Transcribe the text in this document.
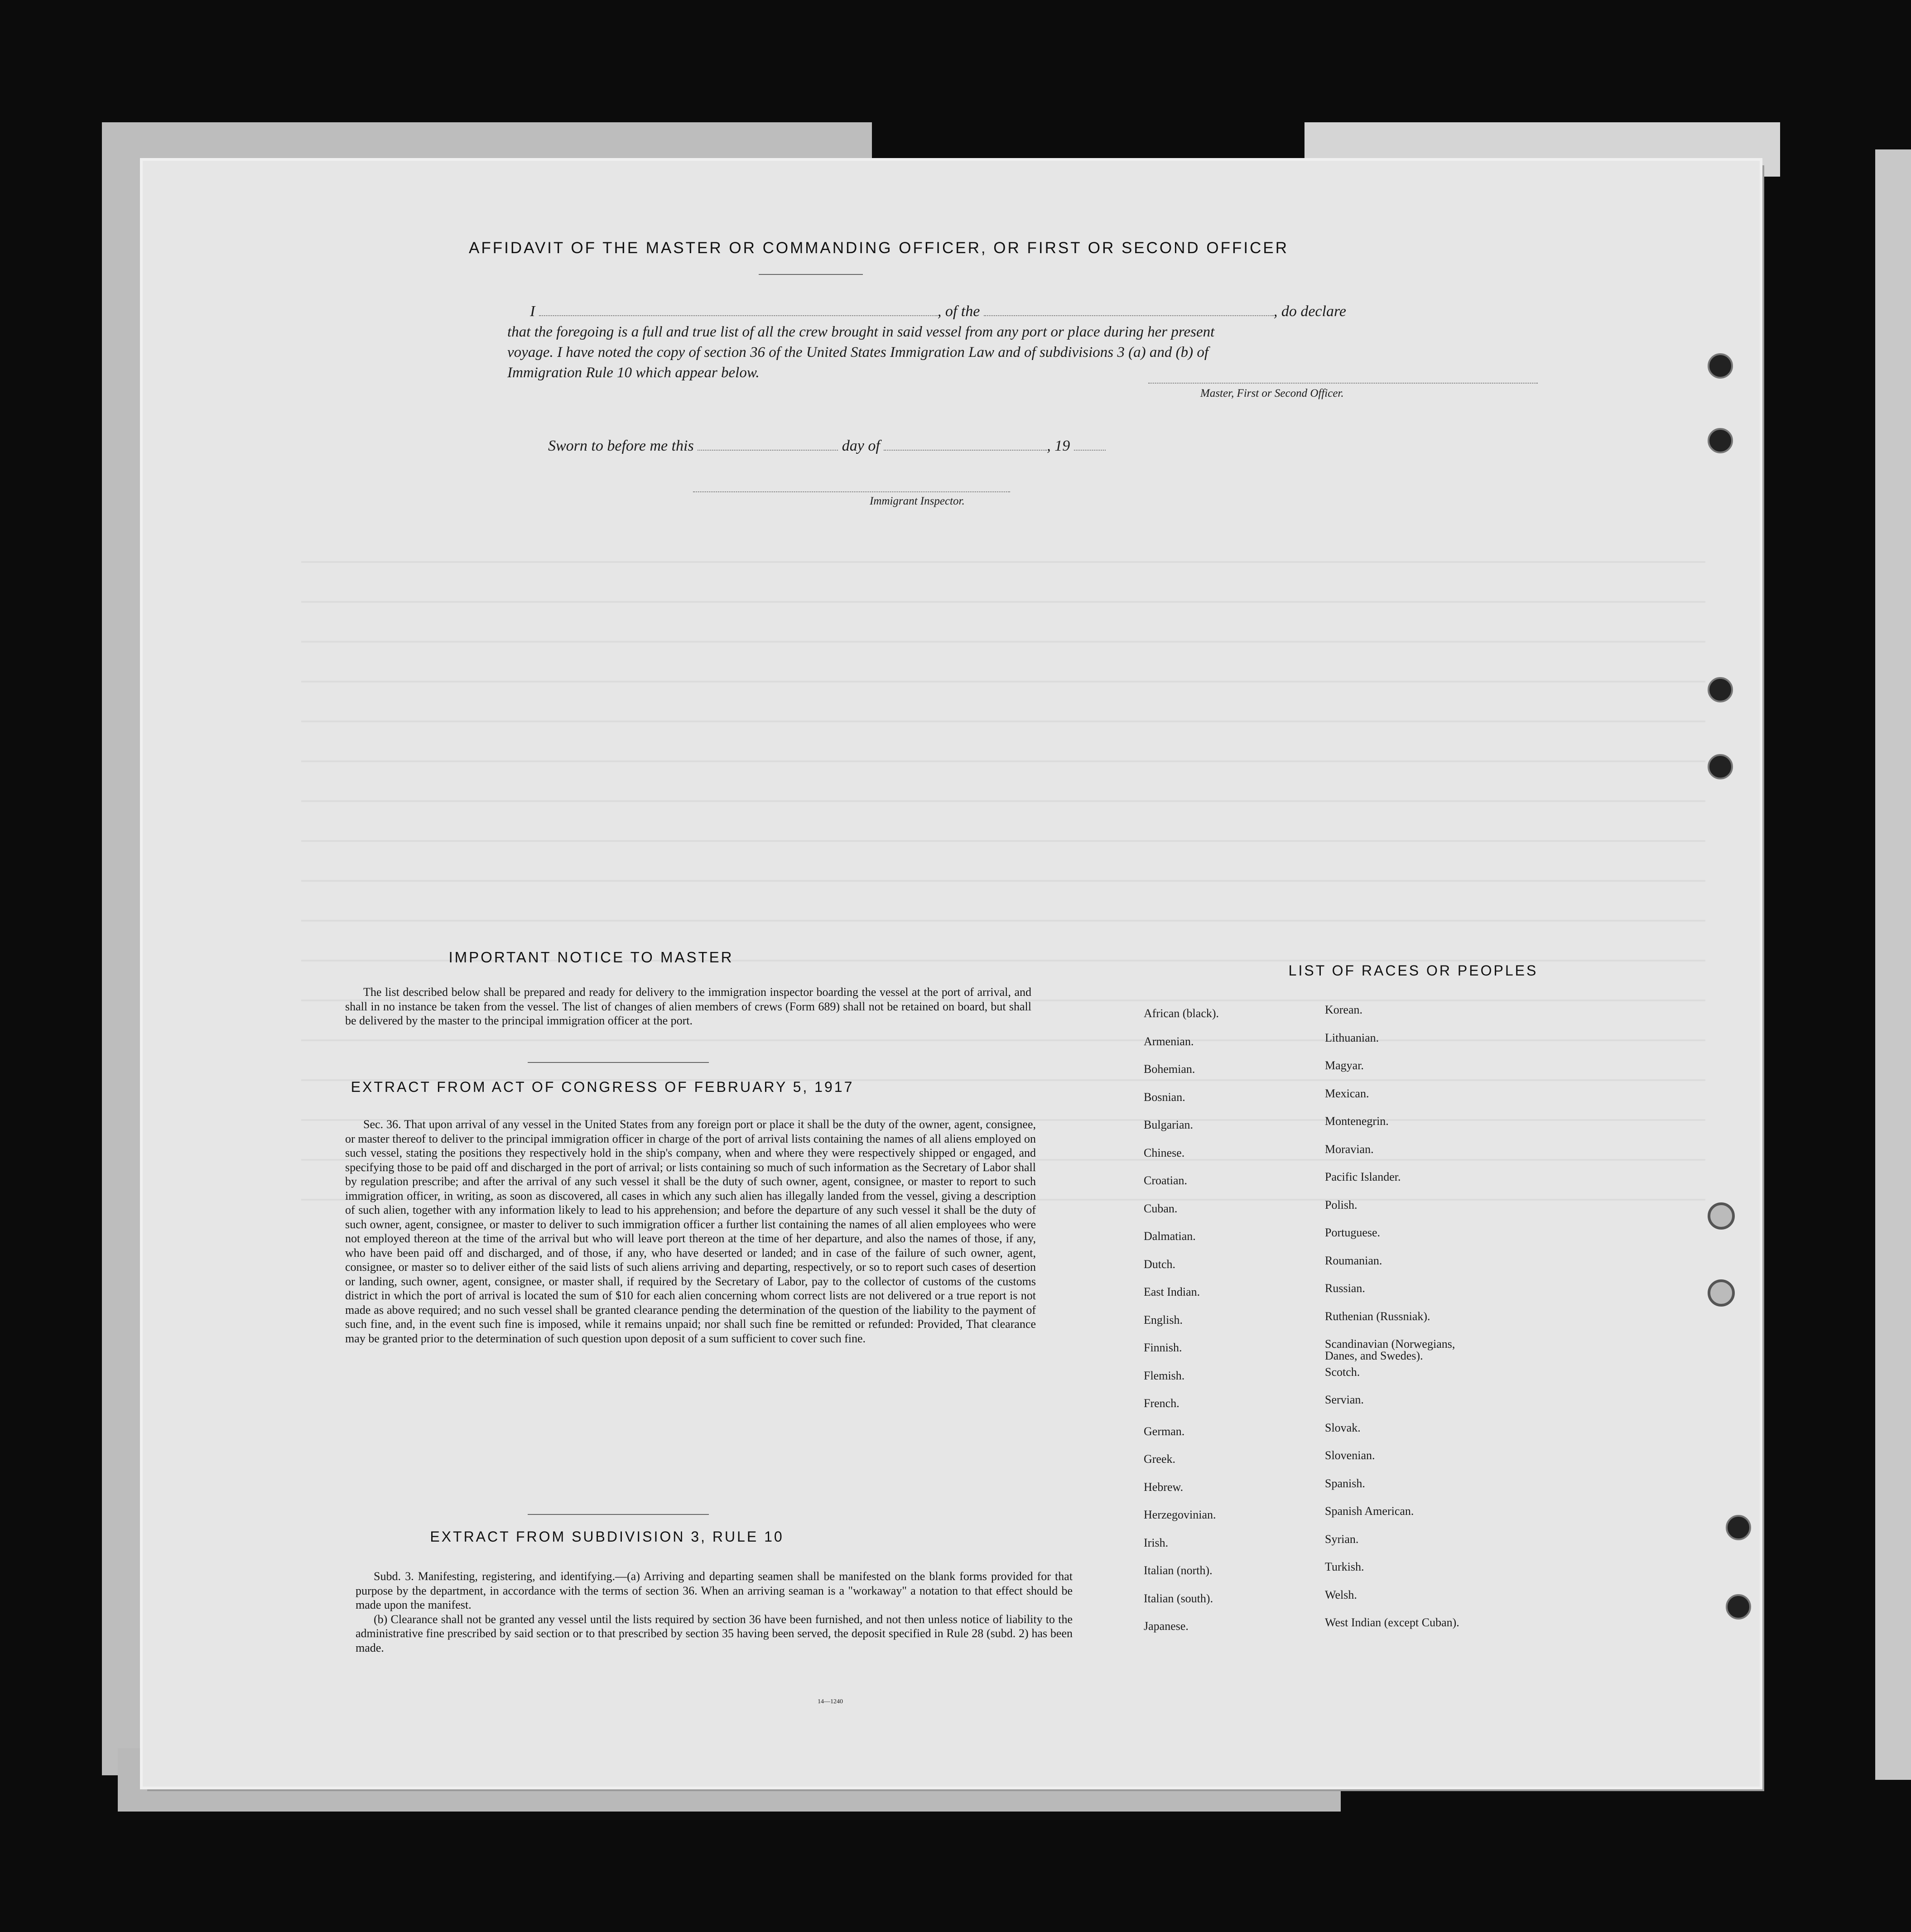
AFFIDAVIT OF THE MASTER OR COMMANDING OFFICER, OR FIRST OR SECOND OFFICER
I	, of the	, do declare
that the foregoing is a full and true list of all the crew brought in said vessel from any port or place during her present
voyage. I have noted the copy of section 36 of the United States Immigration Law and of subdivisions 3 (a) and (b) of
Immigration Rule 10 which appear below.
Master, First or Second Officer.
Sworn to before me this	day of	, 19
Immigrant Inspector.
IMPORTANT NOTICE TO MASTER

The list described below shall be prepared and ready for delivery to the immigration inspector boarding the vessel at the port of arrival, and shall in no instance be taken from the vessel. The list of changes of alien members of crews (Form 689) shall not be retained on board, but shall be delivered by the master to the principal immigration officer at the port.

EXTRACT FROM ACT OF CONGRESS OF FEBRUARY 5, 1917

Sec. 36. That upon arrival of any vessel in the United States from any foreign port or place it shall be the duty of the owner, agent, consignee, or master thereof to deliver to the principal immigration officer in charge of the port of arrival lists containing the names of all aliens employed on such vessel, stating the positions they respectively hold in the ship's company, when and where they were respectively shipped or engaged, and specifying those to be paid off and discharged in the port of arrival; or lists containing so much of such information as the Secretary of Labor shall by regulation prescribe; and after the arrival of any such vessel it shall be the duty of such owner, agent, consignee, or master to report to such immigration officer, in writing, as soon as discovered, all cases in which any such alien has illegally landed from the vessel, giving a description of such alien, together with any information likely to lead to his apprehension; and before the departure of any such vessel it shall be the duty of such owner, agent, consignee, or master to deliver to such immigration officer a further list containing the names of all alien employees who were not employed thereon at the time of the arrival but who will leave port thereon at the time of her departure, and also the names of those, if any, who have been paid off and discharged, and of those, if any, who have deserted or landed; and in case of the failure of such owner, agent, consignee, or master so to deliver either of the said lists of such aliens arriving and departing, respectively, or so to report such cases of desertion or landing, such owner, agent, consignee, or master shall, if required by the Secretary of Labor, pay to the collector of customs of the customs district in which the port of arrival is located the sum of $10 for each alien concerning whom correct lists are not delivered or a true report is not made as above required; and no such vessel shall be granted clearance pending the determination of the question of the liability to the payment of such fine, and, in the event such fine is imposed, while it remains unpaid; nor shall such fine be remitted or refunded: Provided, That clearance may be granted prior to the determination of such question upon deposit of a sum sufficient to cover such fine.

EXTRACT FROM SUBDIVISION 3, RULE 10

Subd. 3. Manifesting, registering, and identifying.—(a) Arriving and departing seamen shall be manifested on the blank forms provided for that purpose by the department, in accordance with the terms of section 36. When an arriving seaman is a "workaway" a notation to that effect should be made upon the manifest.

(b) Clearance shall not be granted any vessel until the lists required by section 36 have been furnished, and not then unless notice of liability to the administrative fine prescribed by said section or to that prescribed by section 35 having been served, the deposit specified in Rule 28 (subd. 2) has been made.

14—1240
LIST OF RACES OR PEOPLES
African (black).
Armenian.
Bohemian.
Bosnian.
Bulgarian.
Chinese.
Croatian.
Cuban.
Dalmatian.
Dutch.
East Indian.
English.
Finnish.
Flemish.
French.
German.
Greek.
Hebrew.
Herzegovinian.
Irish.
Italian (north).
Italian (south).
Japanese.
Korean.
Lithuanian.
Magyar.
Mexican.
Montenegrin.
Moravian.
Pacific Islander.
Polish.
Portuguese.
Roumanian.
Russian.
Ruthenian (Russniak).
Scandinavian (Norwegians,
Danes, and Swedes).
Scotch.
Servian.
Slovak.
Slovenian.
Spanish.
Spanish American.
Syrian.
Turkish.
Welsh.
West Indian (except Cuban).
